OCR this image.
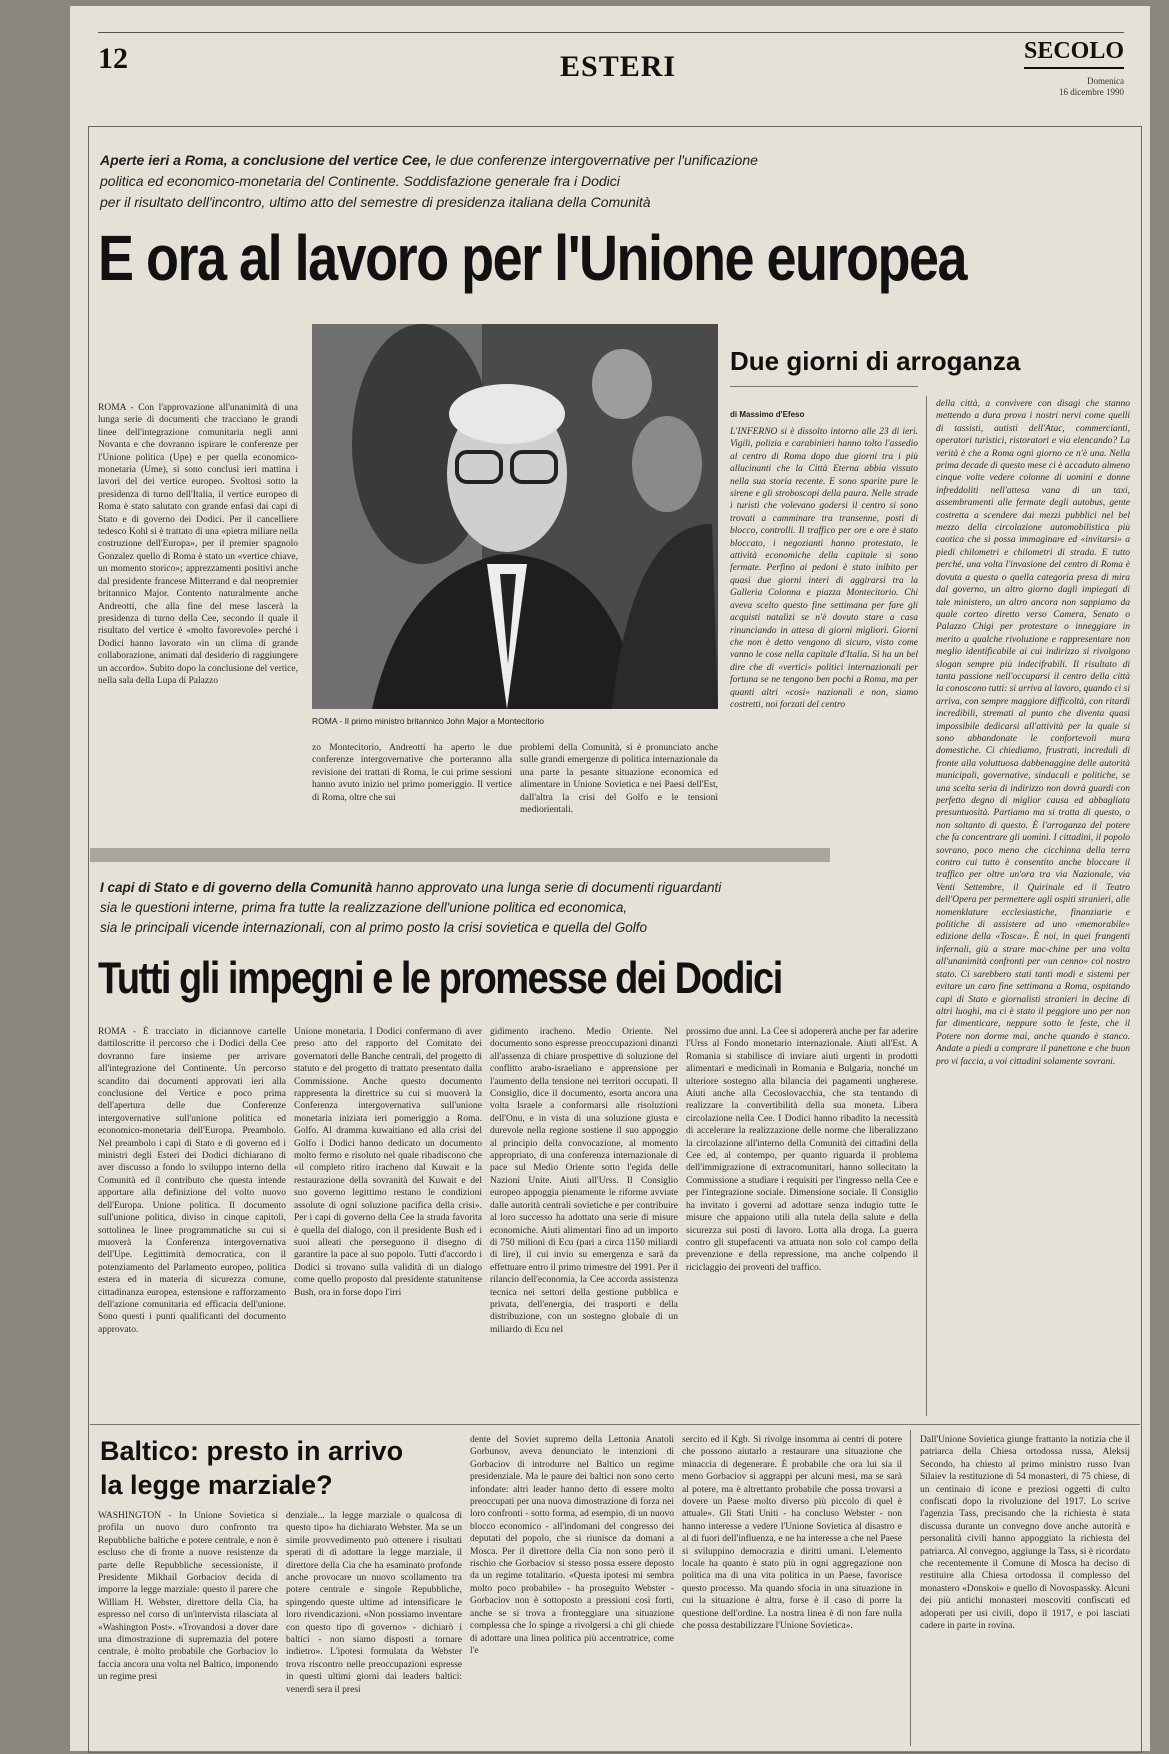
12	ESTERI	SECOLO
Domenica
16 dicembre 1990
Aperte ieri a Roma, a conclusione del vertice Cee, le due conferenze intergovernative per l'unificazione
politica ed economico-monetaria del Continente. Soddisfazione generale fra i Dodici
per il risultato dell'incontro, ultimo atto del semestre di presidenza italiana della Comunità
E ora al lavoro per l'Unione europea
ROMA - Con l'approvazione all'unanimità di una lunga serie di documenti che tracciano le grandi linee dell'integrazione comunitaria negli anni Novanta e che dovranno ispirare le conferenze per l'Unione politica (Upe) e per quella economico-monetaria (Ume), si sono conclusi ieri mattina i lavori del dei vertice europeo. Svoltosi sotto la presidenza di turno dell'Italia, il vertice europeo di Roma è stato salutato con grande enfasi dai capi di Stato e di governo dei Dodici. Per il cancelliere tedesco Kohl si è trattato di una «pietra miliare nella costruzione dell'Europa», per il premier spagnolo Gonzalez quello di Roma è stato un «vertice chiave, un momento storico»; apprezzamenti positivi anche dal presidente francese Mitterrand e dal neopremier britannico Major. Contento naturalmente anche Andreotti, che alla fine del mese lascerà la presidenza di turno della Cee, secondo il quale il risultato del vertice è «molto favorevole» perché i Dodici hanno lavorato «in un clima di grande collaborazione, animati dal desiderio di raggiungere un accordo». Subito dopo la conclusione del vertice, nella sala della Lupa di Palazzo
ROMA - Il primo ministro britannico John Major a Montecitorio
zo Montecitorio, Andreotti ha aperto le due conferenze intergovernative che porteranno alla revisione dei trattati di Roma, le cui prime sessioni hanno avuto inizio nel primo pomeriggio. Il vertice di Roma, oltre che sui
problemi della Comunità, si è pronunciato anche sulle grandi emergenze di politica internazionale da una parte la pesante situazione economica ed alimentare in Unione Sovietica e nei Paesi dell'Est, dall'altra la crisi del Golfo e le tensioni mediorientali.
Due giorni di arroganza
di Massimo d'Efeso
L'INFERNO si è dissolto intorno alle 23 di ieri. Vigili, polizia e carabinieri hanno tolto l'assedio al centro di Roma dopo due giorni tra i più allucinanti che la Città Eterna abbia vissuto nella sua storia recente. E sono sparite pure le sirene e gli stroboscopi della paura. Nelle strade i turisti che volevano godersi il centro si sono trovati a camminare tra transenne, posti di blocco, controlli. Il traffico per ore e ore è stato bloccato, i negozianti hanno protestato, le attività economiche della capitale si sono fermate. Perfino ai pedoni è stato inibito per quasi due giorni interi di aggirarsi tra la Galleria Colonna e piazza Montecitorio. Chi aveva scelto questo fine settimana per fare gli acquisti natalizi se n'è dovuto stare a casa rinunciando in attesa di giorni migliori. Giorni che non è detto vengono di sicuro, visto come vanno le cose nella capitale d'Italia. Si ha un bel dire che di «vertici» politici internazionali per fortuna se ne tengono ben pochi a Roma, ma per quanti altri «cosi» nazionali e non, siamo costretti, noi forzati del centro
della città, a convivere con disagi che stanno mettendo a dura prova i nostri nervi come quelli di tassisti, autisti dell'Atac, commercianti, operatori turistici, ristoratori e via elencando? La verità è che a Roma ogni giorno ce n'è una. Nella prima decade di questo mese ci è accaduto almeno cinque volte vedere colonne di uomini e donne infreddoliti nell'attesa vana di un taxi, assembramenti alle fermate degli autobus, gente costretta a scendere dai mezzi pubblici nel bel mezzo della circolazione automobilistica più caotica che si possa immaginare ed «invitarsi» a piedi chilometri e chilometri di strada. E tutto perché, una volta l'invasione del centro di Roma è dovuta a questa o quella categoria presa di mira dal governo, un altro giorno dagli impiegati di tale ministero, un altro ancora non sappiamo da quale corteo diretto verso Camera, Senato o Palazzo Chigi per protestare o inneggiare in merito a qualche rivoluzione e rappresentare non meglio identificabile ai cui indirizzo si rivolgono slogan sempre più indecifrabili. Il risultato di tanta passione nell'occuparsi il centro della città la conoscono tutti: si arriva al lavoro, quando ci si arriva, con sempre maggiore difficoltà, con ritardi incredibili, stremati al punto che diventa quasi impossibile dedicarsi all'attività per la quale si sono abbandonate le confortevoli mura domestiche. Ci chiediamo, frustrati, increduli di fronte alla voluttuosa dabbenaggine delle autorità municipali, governative, sindacali e politiche, se una scelta seria di indirizzo non dovrà guardi con perfetto degno di miglior causa ed abbagliata presuntuosità. Partiamo ma si tratta di questo, o non soltanto di questo. È l'arroganza del potere che fa concentrare gli uomini. I cittadini, il popolo sovrano, poco meno che cicchinna della terra contro cui tutto è consentito anche bloccare il traffico per oltre un'ora tra via Nazionale, via Venti Settembre, il Quirinale ed il Teatro dell'Opera per permettere agli ospiti stranieri, alle nomenklature ecclesiastiche, finanziarie e politiche di assistere ad uno «memorabile» edizione della «Tosca». È noi, in quei frangenti infernali, giù a strare mac-chine per una volta all'unanimità confronti per «un cenno» col nostro stato. Ci sarebbero stati tanti modi e sistemi per evitare un caro fine settimana a Roma, ospitando capi di Stato e giornalisti stranieri in decine di altri luoghi, ma ci è stato il peggiore uno per non far dimenticare, neppure sotto le feste, che il Potere non dorme mai, anche quando è stanco. Andate a piedi a comprare il panettone e che buon pro vi faccia, a voi cittadini solamente sovrani.
I capi di Stato e di governo della Comunità hanno approvato una lunga serie di documenti riguardanti
sia le questioni interne, prima fra tutte la realizzazione dell'unione politica ed economica,
sia le principali vicende internazionali, con al primo posto la crisi sovietica e quella del Golfo
Tutti gli impegni e le promesse dei Dodici
ROMA - È tracciato in diciannove cartelle dattiloscritte il percorso che i Dodici della Cee dovranno fare insieme per arrivare all'integrazione del Continente. Un percorso scandito dai documenti approvati ieri alla conclusione del Vertice e poco prima dell'apertura delle due Conferenze intergovernative sull'unione politica ed economico-monetaria dell'Europa. Preambolo. Nel preambolo i capi di Stato e di governo ed i ministri degli Esteri dei Dodici dichiarano di aver discusso a fondo lo sviluppo interno della Comunità ed il contributo che questa intende apportare alla definizione del volto nuovo dell'Europa. Unione politica. Il documento sull'unione politica, diviso in cinque capitoli, sottolinea le linee programmatiche su cui si muoverà la Conferenza intergovernativa dell'Upe. Legittimità democratica, con il potenziamento del Parlamento europeo, politica estera ed in materia di sicurezza comune, cittadinanza europea, estensione e rafforzamento dell'azione comunitaria ed efficacia dell'unione. Sono questi i punti qualificanti del documento approvato.
Unione monetaria. I Dodici confermano di aver preso atto del rapporto del Comitato dei governatori delle Banche centrali, del progetto di statuto e del progetto di trattato presentato dalla Commissione. Anche questo documento rappresenta la direttrice su cui si muoverà la Conferenza intergovernativa sull'unione monetaria iniziata ieri pomeriggio a Roma. Golfo. Al dramma kuwaitiano ed alla crisi del Golfo i Dodici hanno dedicato un documento molto fermo e risoluto nel quale ribadiscono che «il completo ritiro iracheno dal Kuwait e la restaurazione della sovranità del Kuwait e del suo governo legittimo restano le condizioni assolute di ogni soluzione pacifica della crisi». Per i capi di governo della Cee la strada favorita è quella del dialogo, con il presidente Bush ed i suoi alleati che perseguono il disegno di garantire la pace al suo popolo. Tutti d'accordo i Dodici si trovano sulla validità di un dialogo come quello proposto dal presidente statunitense Bush, ora in forse dopo l'irri
gidimento iracheno. Medio Oriente. Nel documento sono espresse preoccupazioni dinanzi all'assenza di chiare prospettive di soluzione del conflitto arabo-israeliano e apprensione per l'aumento della tensione nei territori occupati. Il Consiglio, dice il documento, esorta ancora una volta Israele a conformarsi alle risoluzioni dell'Onu, e in vista di una soluzione giusta e durevole nella regione sostiene il suo appoggio al principio della convocazione, al momento appropriato, di una conferenza internazionale di pace sul Medio Oriente sotto l'egida delle Nazioni Unite. Aiuti all'Urss. Il Consiglio europeo appoggia pienamente le riforme avviate dalle autorità centrali sovietiche e per contribuire al loro successo ha adottato una serie di misure economiche. Aiuti alimentari fino ad un importo di 750 milioni di Ecu (pari a circa 1150 miliardi di lire), il cui invio su emergenza e sarà da effettuare entro il primo trimestre del 1991. Per il rilancio dell'economia, la Cee accorda assistenza tecnica nei settori della gestione pubblica e privata, dell'energia, dei trasporti e della distribuzione, con un sostegno globale di un miliardo di Ecu nel
prossimo due anni. La Cee si adopererà anche per far aderire l'Urss al Fondo monetario internazionale. Aiuti all'Est. A Romania si stabilisce di inviare aiuti urgenti in prodotti alimentari e medicinali in Romania e Bulgaria, nonché un ulteriore sostegno alla bilancia dei pagamenti ungherese. Aiuti anche alla Cecoslovacchia, che sta tentando di realizzare la convertibilità della sua moneta. Libera circolazione nella Cee. I Dodici hanno ribadito la necessità di accelerare la realizzazione delle norme che liberalizzano la circolazione all'interno della Comunità dei cittadini della Cee ed, al contempo, per quanto riguarda il problema dell'immigrazione di extracomunitari, hanno sollecitato la Commissione a studiare i requisiti per l'ingresso nella Cee e per l'integrazione sociale. Dimensione sociale. Il Consiglio ha invitato i governi ad adottare senza indugio tutte le misure che appaiono utili alla tutela della salute e della sicurezza sui posti di lavoro. Lotta alla droga. La guerra contro gli stupefacenti va attuata non solo col campo della prevenzione e della repressione, ma anche colpendo il riciclaggio dei proventi del traffico.
Baltico: presto in arrivo
la legge marziale?
WASHINGTON - In Unione Sovietica si profila un nuovo duro confronto tra Repubbliche baltiche e potere centrale, e non è escluso che di fronte a nuove resistenze da parte delle Repubbliche secessioniste, il Presidente Mikhail Gorbaciov decida di imporre la legge marziale: questo il parere che William H. Webster, direttore della Cia, ha espresso nel corso di un'intervista rilasciata al «Washington Post». «Trovandosi a dover dare una dimostrazione di supremazia del potere centrale, è molto probabile che Gorbaciov lo faccia ancora una volta nel Baltico, imponendo un regime presi
denziale... la legge marziale o qualcosa di questo tipo» ha dichiarato Webster. Ma se un simile provvedimento può ottenere i risultati sperati di di adottare la legge marziale, il direttore della Cia che ha esaminato profonde anche provocare un nuovo scollamento tra potere centrale e singole Repubbliche, spingendo queste ultime ad intensificare le loro rivendicazioni. «Non possiamo inventare con questo tipo di governo» - dichiarò i baltici - non siamo disposti a tornare indietro». L'ipotesi formulata da Webster trova riscontro nelle preoccupazioni espresse in questi ultimi giorni dai leaders baltici: venerdì sera il presi
dente del Soviet supremo della Lettonia Anatoli Gorbunov, aveva denunciato le intenzioni di Gorbaciov di introdurre nel Baltico un regime presidenziale. Ma le paure dei baltici non sono certo infondate: altri leader hanno detto di essere molto preoccupati per una nuova dimostrazione di forza nei loro confronti - sotto forma, ad esempio, di un nuovo blocco economico - all'indomani del congresso dei deputati del popolo, che si riunisce da domani a Mosca. Per il direttore della Cia non sono però il rischio che Gorbaciov si stesso possa essere deposto da un regime totalitario. «Questa ipotesi mi sembra molto poco probabile» - ha proseguito Webster - Gorbaciov non è sottoposto a pressioni così forti, anche se si trova a fronteggiare una situazione complessa che lo spinge a rivolgersi a chi gli chiede di adottare una linea politica più accentratrice, come l'e
sercito ed il Kgb. Si rivolge insomma ai centri di potere che possono aiutarlo a restaurare una situazione che minaccia di degenerare. È probabile che ora lui sia il meno Gorbaciov si aggrappi per alcuni mesi, ma se sarà al potere, ma è altrettanto probabile che possa trovarsi a dovere un Paese molto diverso più piccolo di quel è attuale». Gli Stati Uniti - ha concluso Webster - non hanno interesse a vedere l'Unione Sovietica al disastro e al di fuori dell'influenza, e ne ha interesse a che nel Paese si sviluppino democrazia e diritti umani. L'elemento locale ha quanto è stato più in ogni aggregazione non politica ma di una vita politica in un Paese, favorisce questo processo. Ma quando sfocia in una situazione in cui la situazione è altra, forse è il caso di porre la questione dell'ordine. La nostra linea è di non fare nulla che possa destabilizzare l'Unione Sovietica».
Dall'Unione Sovietica giunge frattanto la notizia che il patriarca della Chiesa ortodossa russa, Aleksij Secondo, ha chiesto al primo ministro russo Ivan Silaiev la restituzione di 54 monasteri, di 75 chiese, di un centinaio di icone e preziosi oggetti di culto confiscati dopo la rivoluzione del 1917. Lo scrive l'agenzia Tass, precisando che la richiesta è stata discussa durante un convegno dove anche autorità e personalità civili hanno appoggiato la richiesta del patriarca. Al convegno, aggiunge la Tass, si è ricordato che recentemente il Comune di Mosca ha deciso di restituire alla Chiesa ortodossa il complesso del monastero «Donskoi» e quello di Novospassky. Alcuni dei più antichi monasteri moscoviti confiscati ed adoperati per usi civili, dopo il 1917, e poi lasciati cadere in parte in rovina.
